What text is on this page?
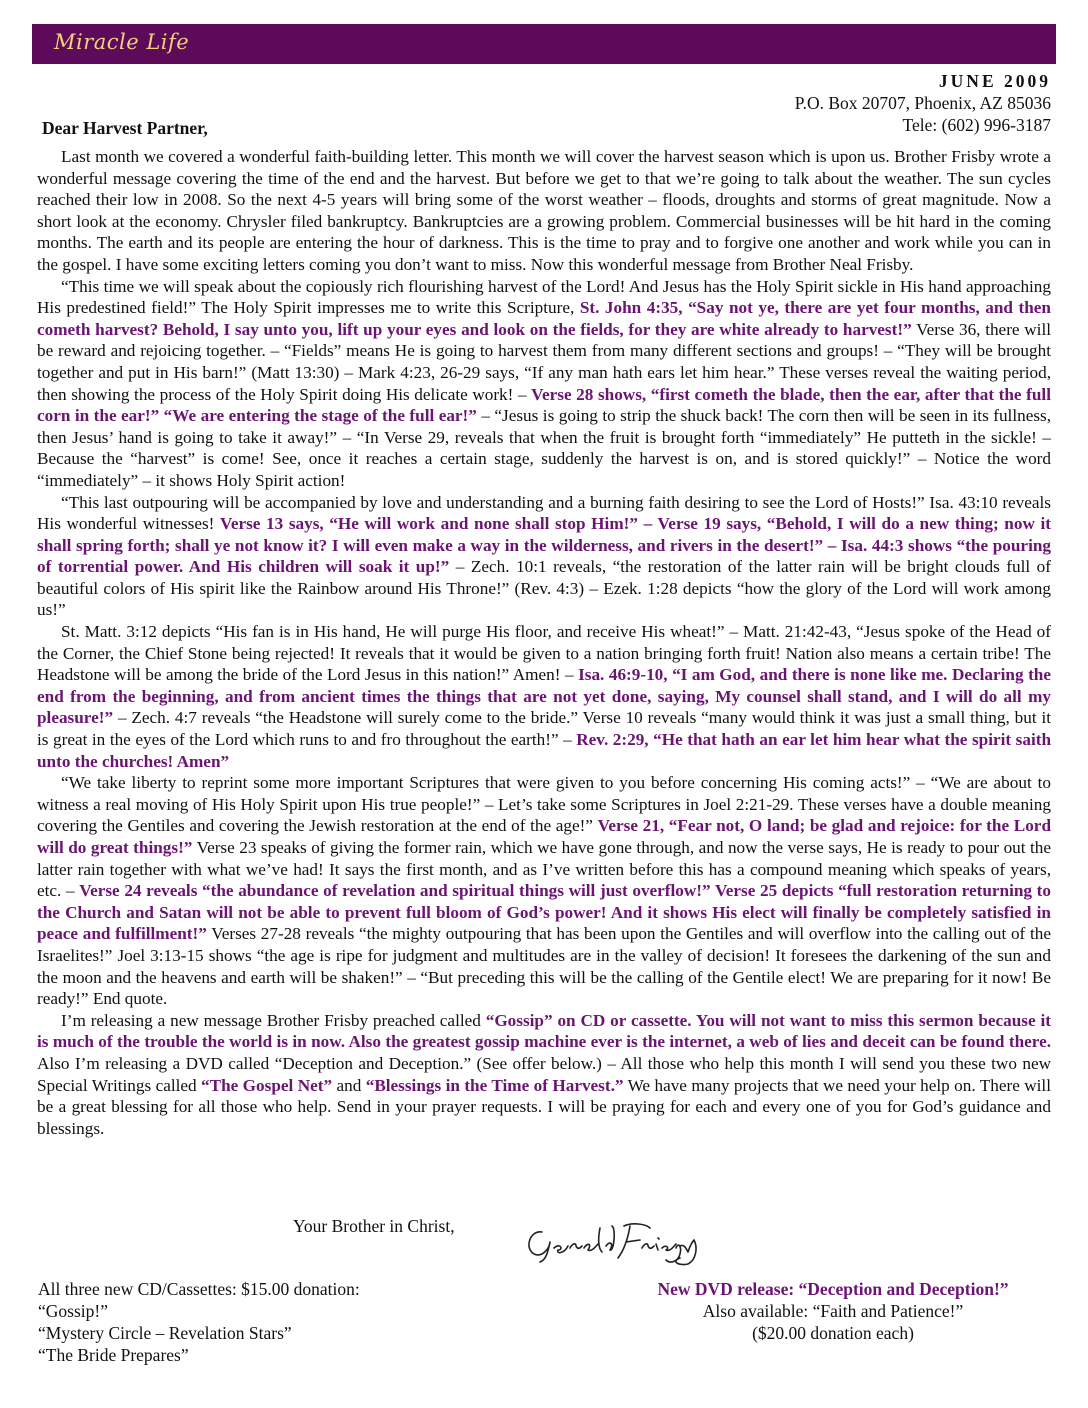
Miracle Life
JUNE 2009
P.O. Box 20707, Phoenix, AZ 85036
Tele: (602) 996-3187
Dear Harvest Partner,

Last month we covered a wonderful faith-building letter. This month we will cover the harvest season which is upon us. Brother Frisby wrote a wonderful message covering the time of the end and the harvest. But before we get to that we’re going to talk about the weather. The sun cycles reached their low in 2008. So the next 4-5 years will bring some of the worst weather – floods, droughts and storms of great magnitude. Now a short look at the economy. Chrysler filed bankruptcy. Bankruptcies are a growing problem. Commercial businesses will be hit hard in the coming months. The earth and its people are entering the hour of darkness. This is the time to pray and to forgive one another and work while you can in the gospel. I have some exciting letters coming you don’t want to miss. Now this wonderful message from Brother Neal Frisby.

“This time we will speak about the copiously rich flourishing harvest of the Lord! And Jesus has the Holy Spirit sickle in His hand approaching His predestined field!” The Holy Spirit impresses me to write this Scripture, St. John 4:35, “Say not ye, there are yet four months, and then cometh harvest? Behold, I say unto you, lift up your eyes and look on the fields, for they are white already to harvest!” Verse 36, there will be reward and rejoicing together. – “Fields” means He is going to harvest them from many different sections and groups! – “They will be brought together and put in His barn!” (Matt 13:30) – Mark 4:23, 26-29 says, “If any man hath ears let him hear.” These verses reveal the waiting period, then showing the process of the Holy Spirit doing His delicate work! – Verse 28 shows, “first cometh the blade, then the ear, after that the full corn in the ear!” “We are entering the stage of the full ear!” – “Jesus is going to strip the shuck back! The corn then will be seen in its fullness, then Jesus’ hand is going to take it away!” – “In Verse 29, reveals that when the fruit is brought forth “immediately” He putteth in the sickle! – Because the “harvest” is come! See, once it reaches a certain stage, suddenly the harvest is on, and is stored quickly!” – Notice the word “immediately” – it shows Holy Spirit action!

“This last outpouring will be accompanied by love and understanding and a burning faith desiring to see the Lord of Hosts!” Isa. 43:10 reveals His wonderful witnesses! Verse 13 says, “He will work and none shall stop Him!” – Verse 19 says, “Behold, I will do a new thing; now it shall spring forth; shall ye not know it? I will even make a way in the wilderness, and rivers in the desert!” – Isa. 44:3 shows “the pouring of torrential power. And His children will soak it up!” – Zech. 10:1 reveals, “the restoration of the latter rain will be bright clouds full of beautiful colors of His spirit like the Rainbow around His Throne!” (Rev. 4:3) – Ezek. 1:28 depicts “how the glory of the Lord will work among us!”

St. Matt. 3:12 depicts “His fan is in His hand, He will purge His floor, and receive His wheat!” – Matt. 21:42-43, “Jesus spoke of the Head of the Corner, the Chief Stone being rejected! It reveals that it would be given to a nation bringing forth fruit! Nation also means a certain tribe! The Headstone will be among the bride of the Lord Jesus in this nation!” Amen! – Isa. 46:9-10, “I am God, and there is none like me. Declaring the end from the beginning, and from ancient times the things that are not yet done, saying, My counsel shall stand, and I will do all my pleasure!” – Zech. 4:7 reveals “the Headstone will surely come to the bride.” Verse 10 reveals “many would think it was just a small thing, but it is great in the eyes of the Lord which runs to and fro throughout the earth!” – Rev. 2:29, “He that hath an ear let him hear what the spirit saith unto the churches! Amen”

“We take liberty to reprint some more important Scriptures that were given to you before concerning His coming acts!” – “We are about to witness a real moving of His Holy Spirit upon His true people!” – Let’s take some Scriptures in Joel 2:21-29. These verses have a double meaning covering the Gentiles and covering the Jewish restoration at the end of the age!” Verse 21, “Fear not, O land; be glad and rejoice: for the Lord will do great things!” Verse 23 speaks of giving the former rain, which we have gone through, and now the verse says, He is ready to pour out the latter rain together with what we’ve had! It says the first month, and as I’ve written before this has a compound meaning which speaks of years, etc. – Verse 24 reveals “the abundance of revelation and spiritual things will just overflow!” Verse 25 depicts “full restoration returning to the Church and Satan will not be able to prevent full bloom of God’s power! And it shows His elect will finally be completely satisfied in peace and fulfillment!” Verses 27-28 reveals “the mighty outpouring that has been upon the Gentiles and will overflow into the calling out of the Israelites!” Joel 3:13-15 shows “the age is ripe for judgment and multitudes are in the valley of decision! It foresees the darkening of the sun and the moon and the heavens and earth will be shaken!” – “But preceding this will be the calling of the Gentile elect! We are preparing for it now! Be ready!” End quote.

I’m releasing a new message Brother Frisby preached called “Gossip” on CD or cassette. You will not want to miss this sermon because it is much of the trouble the world is in now. Also the greatest gossip machine ever is the internet, a web of lies and deceit can be found there. Also I’m releasing a DVD called “Deception and Deception.” (See offer below.) – All those who help this month I will send you these two new Special Writings called “The Gospel Net” and “Blessings in the Time of Harvest.” We have many projects that we need your help on. There will be a great blessing for all those who help. Send in your prayer requests. I will be praying for each and every one of you for God’s guidance and blessings.

Your Brother in Christ,
All three new CD/Cassettes: $15.00 donation:
“Gossip!”
“Mystery Circle – Revelation Stars”
“The Bride Prepares”
New DVD release: “Deception and Deception!”
Also available: “Faith and Patience!”
($20.00 donation each)
